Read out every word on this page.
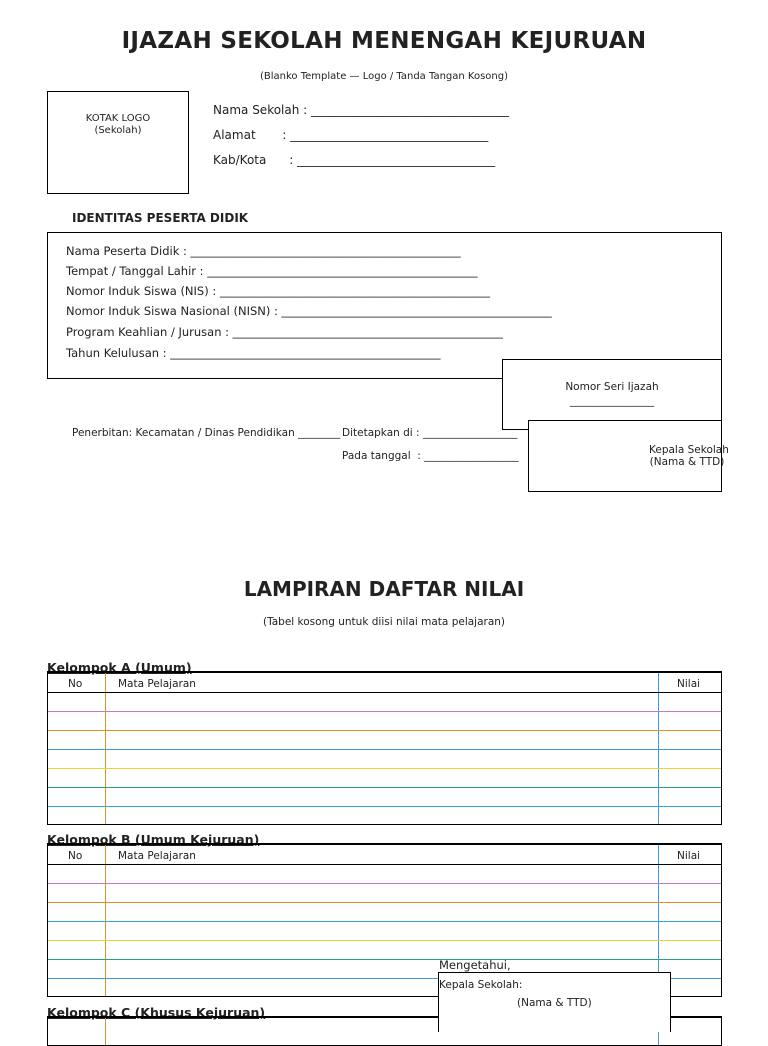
IJAZAH SEKOLAH MENENGAH KEJURUAN
(Blanko Template — Logo / Tanda Tangan Kosong)
KOTAK LOGO
(Sekolah)
Nama Sekolah : _________________________________
Alamat       : _________________________________
Kab/Kota      : _________________________________
IDENTITAS PESERTA DIDIK
Nama Peserta Didik : _______________________________________________
Tempat / Tanggal Lahir : _______________________________________________
Nomor Induk Siswa (NIS) : _______________________________________________
Nomor Induk Siswa Nasional (NISN) : _______________________________________________
Program Keahlian / Jurusan : _______________________________________________
Tahun Kelulusan : _______________________________________________
Nomor Seri Ijazah
________________
Penerbitan: Kecamatan / Dinas Pendidikan ________ Ditetapkan di : __________________
Pada tanggal  : __________________	Kepala Sekolah
(Nama & TTD)
LAMPIRAN DAFTAR NILAI
(Tabel kosong untuk diisi nilai mata pelajaran)
Kelompok A (Umum)
No	Mata Pelajaran	Nilai
Kelompok B (Umum Kejuruan)
No	Mata Pelajaran	Nilai
Kelompok C (Khusus Kejuruan)
Mengetahui,
Kepala Sekolah:
(Nama & TTD)
